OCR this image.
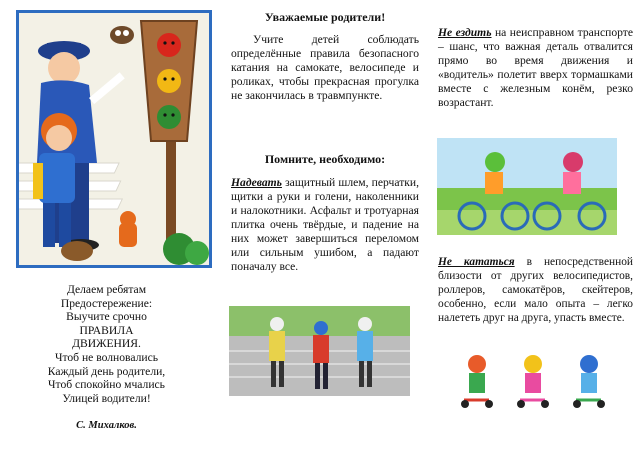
Делаем ребятам
Предостережение:
Выучите срочно
ПРАВИЛА
ДВИЖЕНИЯ.
Чтоб не волновались
Каждый день родители,
Чтоб спокойно мчались
Улицей водители!
С. Михалков.
Уважаемые родители!
Учите детей соблюдать определённые правила безопасного катания на самокате, велосипеде и роликах, чтобы прекрасная прогулка не закончилась в травмпункте.
Помните, необходимо:
Надевать защитный шлем, перчатки, щитки а руки и голени, наколенники и налокотники. Асфальт и тротуарная плитка очень твёрдые, и падение на них может завершиться переломом или сильным ушибом, а падают поначалу все.
Не ездить на неисправном транспорте – шанс, что важная деталь отвалится прямо во время движения и «водитель» полетит вверх тормашками вместе с железным конём, резко возрастант.
Не кататься в непосредственной близости от других велосипедистов, роллеров, самокатёров, скейтеров, особенно, если мало опыта – легко налететь друг на друга, упасть вместе.
